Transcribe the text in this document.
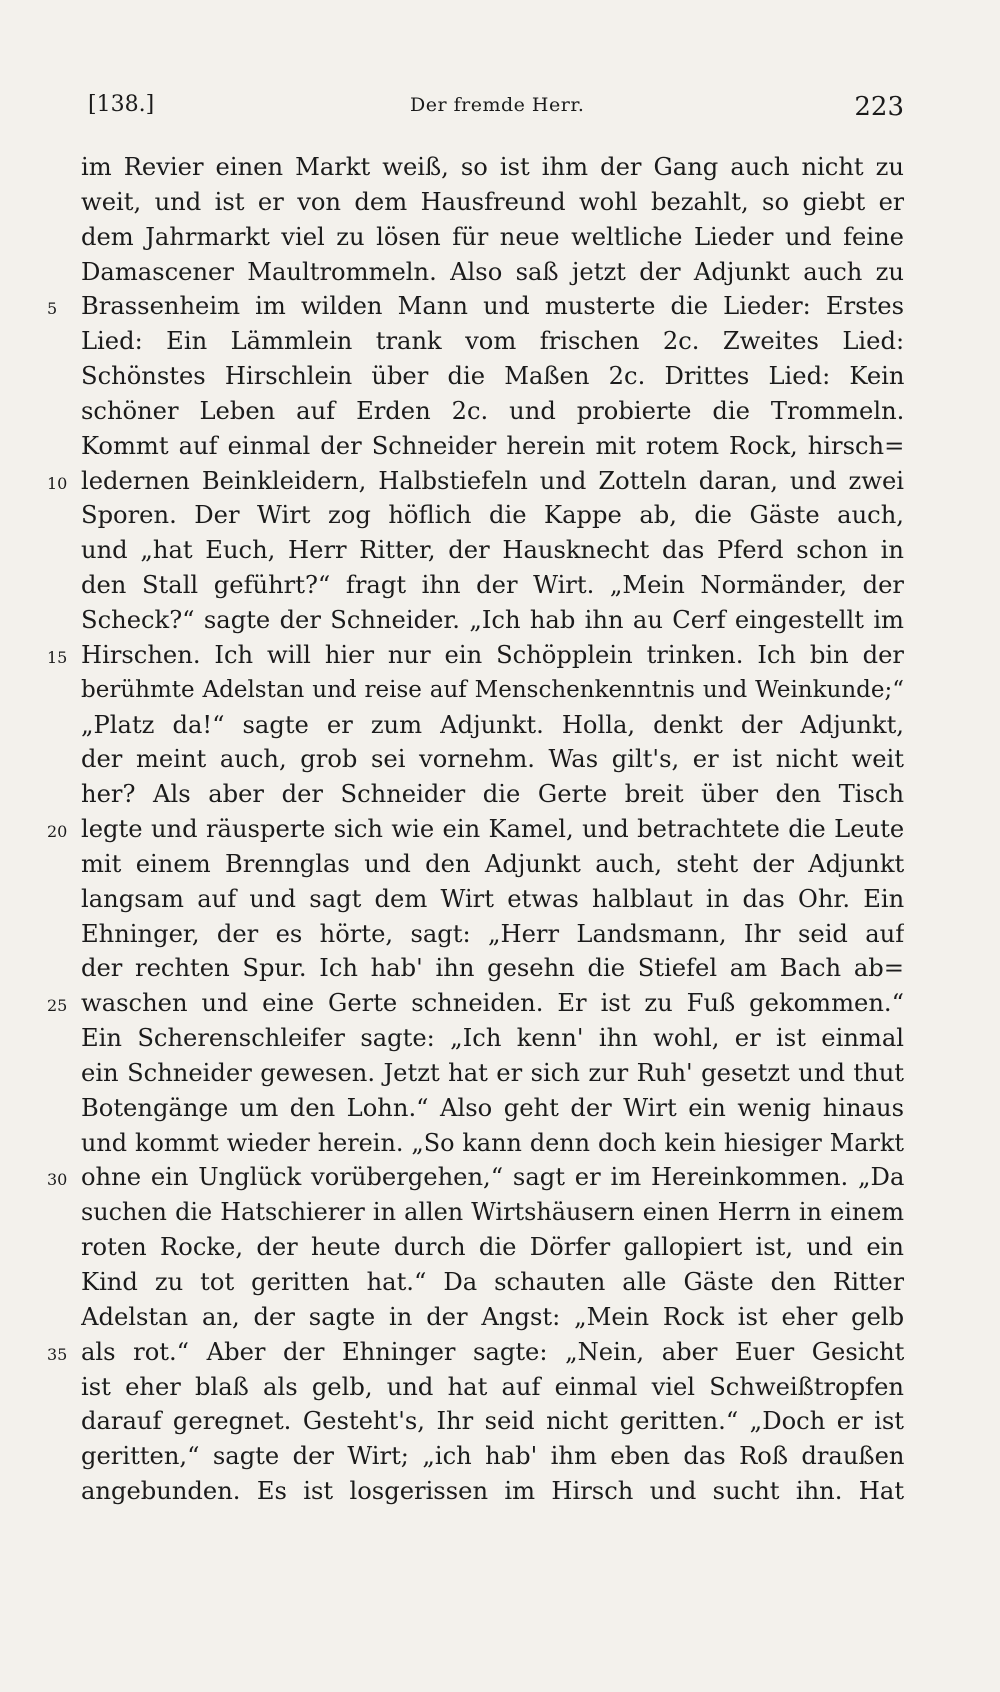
[138.]	Der fremde Herr.	223
im Revier einen Markt weiß, so ist ihm der Gang auch nicht zu
weit, und ist er von dem Hausfreund wohl bezahlt, so giebt er
dem Jahrmarkt viel zu lösen für neue weltliche Lieder und feine
Damascener Maultrommeln. Also saß jetzt der Adjunkt auch zu
5 Brassenheim im wilden Mann und musterte die Lieder: Erstes
Lied: Ein Lämmlein trank vom frischen 2c. Zweites Lied:
Schönstes Hirschlein über die Maßen 2c. Drittes Lied: Kein
schöner Leben auf Erden 2c. und probierte die Trommeln.
Kommt auf einmal der Schneider herein mit rotem Rock, hirsch=
10 ledernen Beinkleidern, Halbstiefeln und Zotteln daran, und zwei
Sporen. Der Wirt zog höflich die Kappe ab, die Gäste auch,
und „hat Euch, Herr Ritter, der Hausknecht das Pferd schon in
den Stall geführt?“ fragt ihn der Wirt. „Mein Normänder, der
Scheck?“ sagte der Schneider. „Ich hab ihn au Cerf eingestellt im
15 Hirschen. Ich will hier nur ein Schöpplein trinken. Ich bin der
berühmte Adelstan und reise auf Menschenkenntnis und Weinkunde;“
„Platz da!“ sagte er zum Adjunkt. Holla, denkt der Adjunkt,
der meint auch, grob sei vornehm. Was gilt's, er ist nicht weit
her? Als aber der Schneider die Gerte breit über den Tisch
20 legte und räusperte sich wie ein Kamel, und betrachtete die Leute
mit einem Brennglas und den Adjunkt auch, steht der Adjunkt
langsam auf und sagt dem Wirt etwas halblaut in das Ohr. Ein
Ehninger, der es hörte, sagt: „Herr Landsmann, Ihr seid auf
der rechten Spur. Ich hab' ihn gesehn die Stiefel am Bach ab=
25 waschen und eine Gerte schneiden. Er ist zu Fuß gekommen.“
Ein Scherenschleifer sagte: „Ich kenn' ihn wohl, er ist einmal
ein Schneider gewesen. Jetzt hat er sich zur Ruh' gesetzt und thut
Botengänge um den Lohn.“ Also geht der Wirt ein wenig hinaus
und kommt wieder herein. „So kann denn doch kein hiesiger Markt
30 ohne ein Unglück vorübergehen,“ sagt er im Hereinkommen. „Da
suchen die Hatschierer in allen Wirtshäusern einen Herrn in einem
roten Rocke, der heute durch die Dörfer gallopiert ist, und ein
Kind zu tot geritten hat.“ Da schauten alle Gäste den Ritter
Adelstan an, der sagte in der Angst: „Mein Rock ist eher gelb
35 als rot.“ Aber der Ehninger sagte: „Nein, aber Euer Gesicht
ist eher blaß als gelb, und hat auf einmal viel Schweißtropfen
darauf geregnet. Gesteht's, Ihr seid nicht geritten.“ „Doch er ist
geritten,“ sagte der Wirt; „ich hab' ihm eben das Roß draußen
angebunden. Es ist losgerissen im Hirsch und sucht ihn. Hat
